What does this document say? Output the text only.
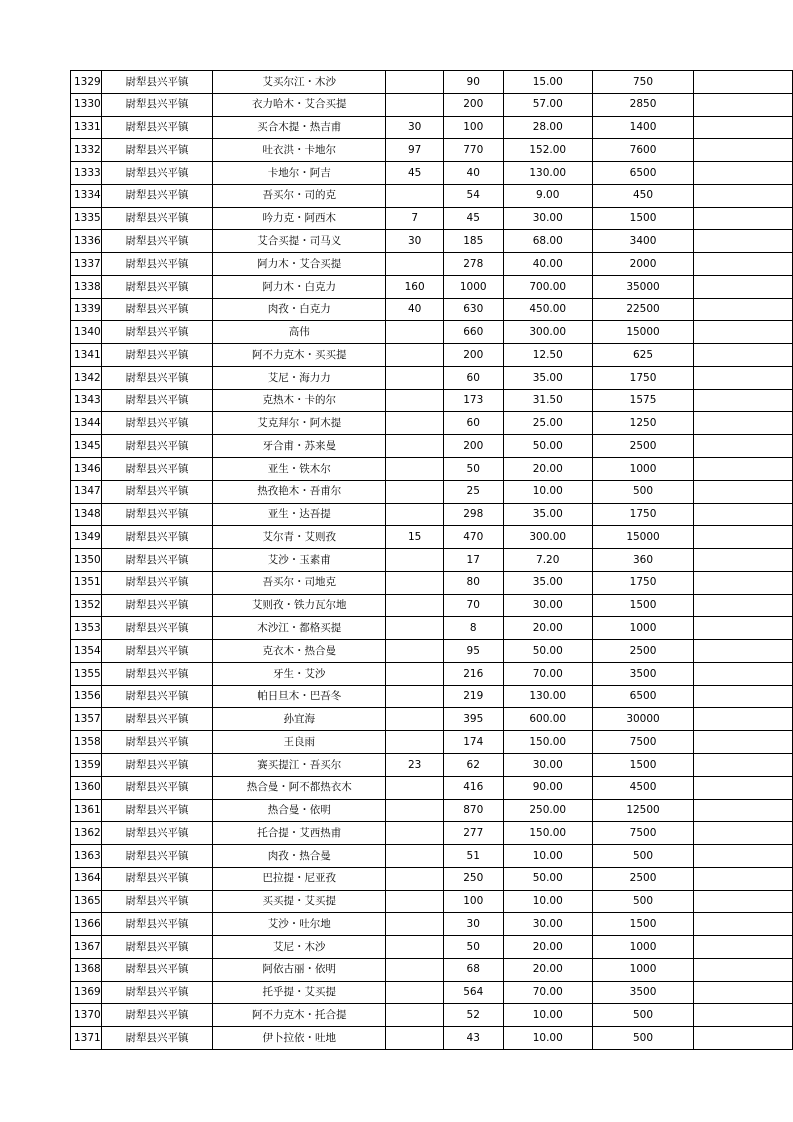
1329	尉犁县兴平镇	艾买尔江・木沙		90	15.00	750	
1330	尉犁县兴平镇	衣力哈木・艾合买提		200	57.00	2850	
1331	尉犁县兴平镇	买合木提・热吉甫	30	100	28.00	1400	
1332	尉犁县兴平镇	吐衣洪・卡地尔	97	770	152.00	7600	
1333	尉犁县兴平镇	卡地尔・阿吉	45	40	130.00	6500	
1334	尉犁县兴平镇	吾买尔・司的克		54	9.00	450	
1335	尉犁县兴平镇	吟力克・阿西木	7	45	30.00	1500	
1336	尉犁县兴平镇	艾合买提・司马义	30	185	68.00	3400	
1337	尉犁县兴平镇	阿力木・艾合买提		278	40.00	2000	
1338	尉犁县兴平镇	阿力木・白克力	160	1000	700.00	35000	
1339	尉犁县兴平镇	肉孜・白克力	40	630	450.00	22500	
1340	尉犁县兴平镇	高伟		660	300.00	15000	
1341	尉犁县兴平镇	阿不力克木・买买提		200	12.50	625	
1342	尉犁县兴平镇	艾尼・海力力		60	35.00	1750	
1343	尉犁县兴平镇	克热木・卡的尔		173	31.50	1575	
1344	尉犁县兴平镇	艾克拜尔・阿木提		60	25.00	1250	
1345	尉犁县兴平镇	牙合甫・苏来曼		200	50.00	2500	
1346	尉犁县兴平镇	亚生・铁木尔		50	20.00	1000	
1347	尉犁县兴平镇	热孜艳木・吾甫尔		25	10.00	500	
1348	尉犁县兴平镇	亚生・达吾提		298	35.00	1750	
1349	尉犁县兴平镇	艾尔青・艾则孜	15	470	300.00	15000	
1350	尉犁县兴平镇	艾沙・玉素甫		17	7.20	360	
1351	尉犁县兴平镇	吾买尔・司地克		80	35.00	1750	
1352	尉犁县兴平镇	艾则孜・铁力瓦尔地		70	30.00	1500	
1353	尉犁县兴平镇	木沙江・都格买提		8	20.00	1000	
1354	尉犁县兴平镇	克衣木・热合曼		95	50.00	2500	
1355	尉犁县兴平镇	牙生・艾沙		216	70.00	3500	
1356	尉犁县兴平镇	帕日旦木・巴吾冬		219	130.00	6500	
1357	尉犁县兴平镇	孙宜海		395	600.00	30000	
1358	尉犁县兴平镇	王良雨		174	150.00	7500	
1359	尉犁县兴平镇	赛买提江・吾买尔	23	62	30.00	1500	
1360	尉犁县兴平镇	热合曼・阿不都热衣木		416	90.00	4500	
1361	尉犁县兴平镇	热合曼・依明		870	250.00	12500	
1362	尉犁县兴平镇	托合提・艾西热甫		277	150.00	7500	
1363	尉犁县兴平镇	肉孜・热合曼		51	10.00	500	
1364	尉犁县兴平镇	巴拉提・尼亚孜		250	50.00	2500	
1365	尉犁县兴平镇	买买提・艾买提		100	10.00	500	
1366	尉犁县兴平镇	艾沙・吐尔地		30	30.00	1500	
1367	尉犁县兴平镇	艾尼・木沙		50	20.00	1000	
1368	尉犁县兴平镇	阿依古丽・依明		68	20.00	1000	
1369	尉犁县兴平镇	托乎提・艾买提		564	70.00	3500	
1370	尉犁县兴平镇	阿不力克木・托合提		52	10.00	500	
1371	尉犁县兴平镇	伊卜拉依・吐地		43	10.00	500	
